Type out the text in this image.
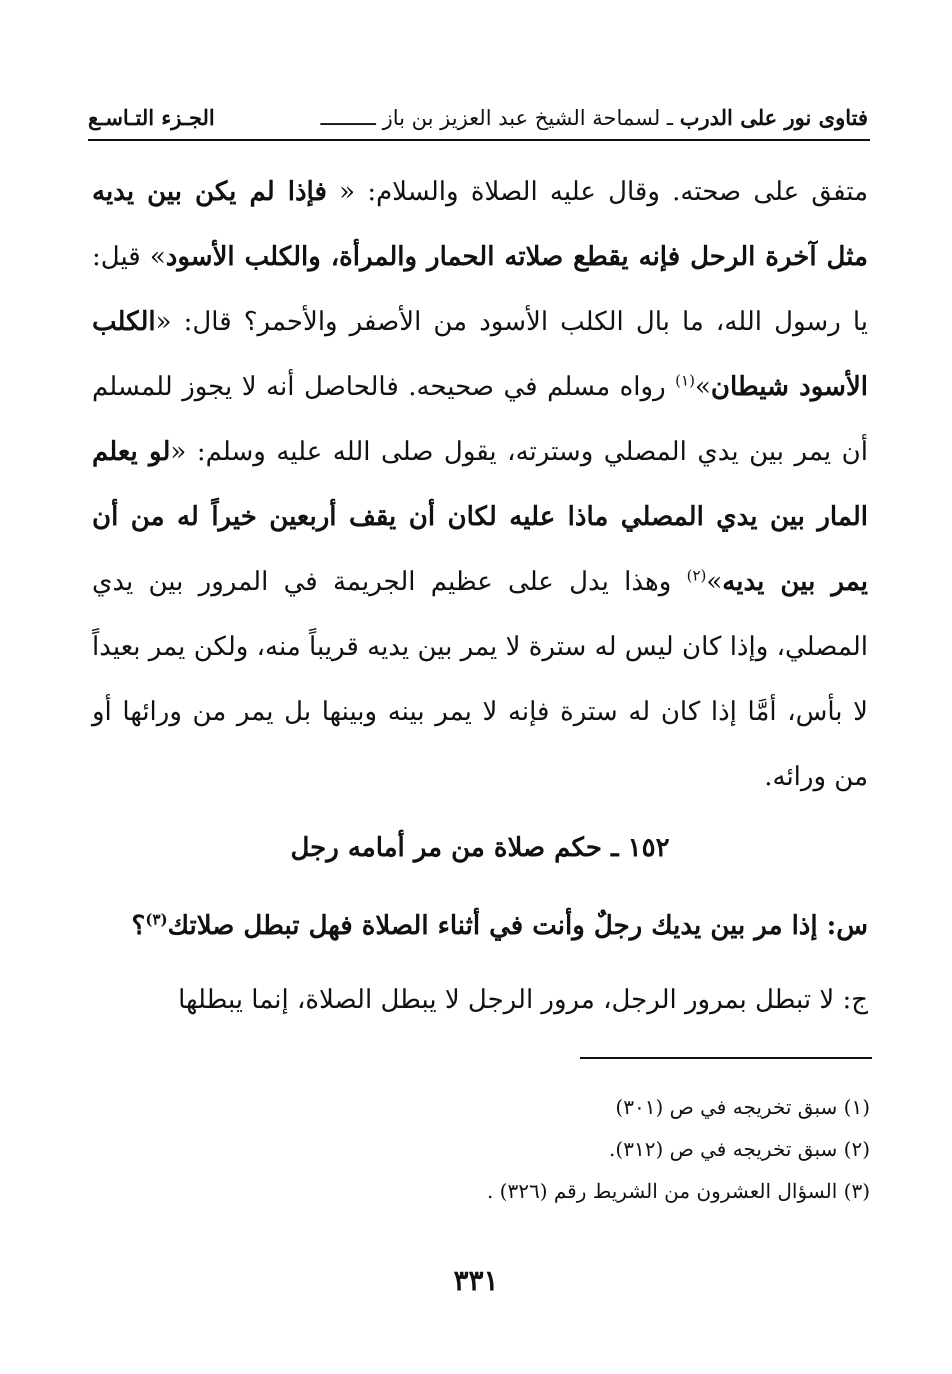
فتاوى نور على الدرب ـ لسماحة الشيخ عبد العزيز بن باز ـــــــــ
الجـزء التـاسـع

متفق على صحته. وقال عليه الصلاة والسلام: « فإذا لم يكن بين يديه مثل آخرة الرحل فإنه يقطع صلاته الحمار والمرأة، والكلب الأسود» قيل: يا رسول الله، ما بال الكلب الأسود من الأصفر والأحمر؟ قال: «الكلب الأسود شيطان»$^{(١)}$ رواه مسلم في صحيحه. فالحاصل أنه لا يجوز للمسلم أن يمر بين يدي المصلي وسترته، يقول صلى الله عليه وسلم: «لو يعلم المار بين يدي المصلي ماذا عليه لكان أن يقف أربعين خيراً له من أن يمر بين يديه»$^{(٢)}$ وهذا يدل على عظيم الجريمة في المرور بين يدي المصلي، وإذا كان ليس له سترة لا يمر بين يديه قريباً منه، ولكن يمر بعيداً لا بأس، أمَّا إذا كان له سترة فإنه لا يمر بينه وبينها بل يمر من ورائها أو من ورائه.

١٥٢ ـ حكم صلاة من مر أمامه رجل

س: إذا مر بين يديك رجلٌ وأنت في أثناء الصلاة فهل تبطل صلاتك$^{(٣)}$؟

ج: لا تبطل بمرور الرجل، مرور الرجل لا يبطل الصلاة، إنما يبطلها

(١) سبق تخريجه في ص (٣٠١)
(٢) سبق تخريجه في ص (٣١٢).
(٣) السؤال العشرون من الشريط رقم (٣٢٦) .
٣٣١
